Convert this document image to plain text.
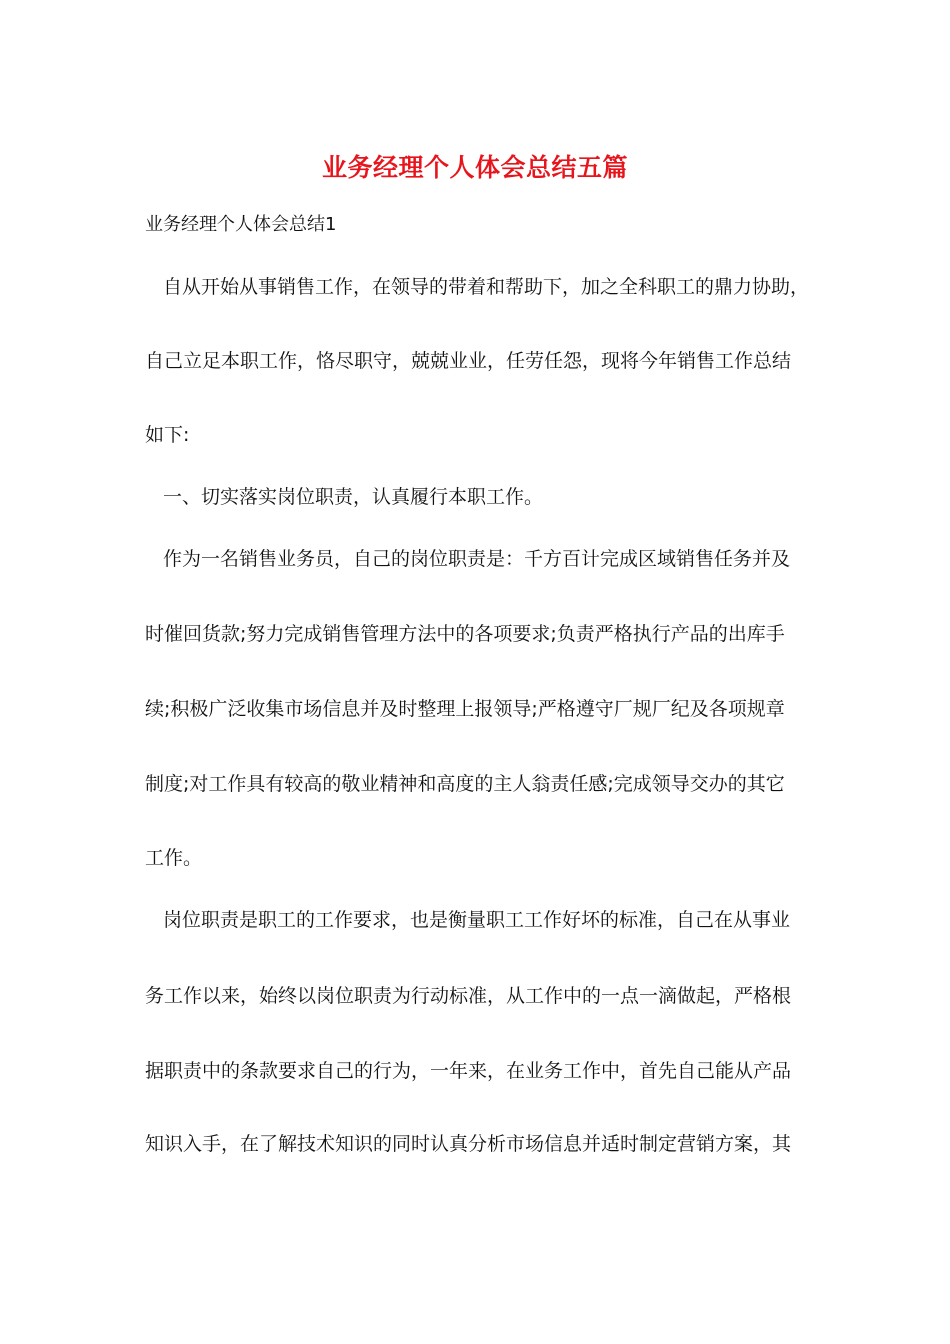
业务经理个人体会总结五篇
业务经理个人体会总结1
自从开始从事销售工作，在领导的带着和帮助下，加之全科职工的鼎力协助，
自己立足本职工作，恪尽职守，兢兢业业，任劳任怨，现将今年销售工作总结
如下:
一、切实落实岗位职责，认真履行本职工作。
作为一名销售业务员，自己的岗位职责是：千方百计完成区域销售任务并及
时催回货款;努力完成销售管理方法中的各项要求;负责严格执行产品的出库手
续;积极广泛收集市场信息并及时整理上报领导;严格遵守厂规厂纪及各项规章
制度;对工作具有较高的敬业精神和高度的主人翁责任感;完成领导交办的其它
工作。
岗位职责是职工的工作要求，也是衡量职工工作好坏的标准，自己在从事业
务工作以来，始终以岗位职责为行动标准，从工作中的一点一滴做起，严格根
据职责中的条款要求自己的行为，一年来，在业务工作中，首先自己能从产品
知识入手，在了解技术知识的同时认真分析市场信息并适时制定营销方案，其
